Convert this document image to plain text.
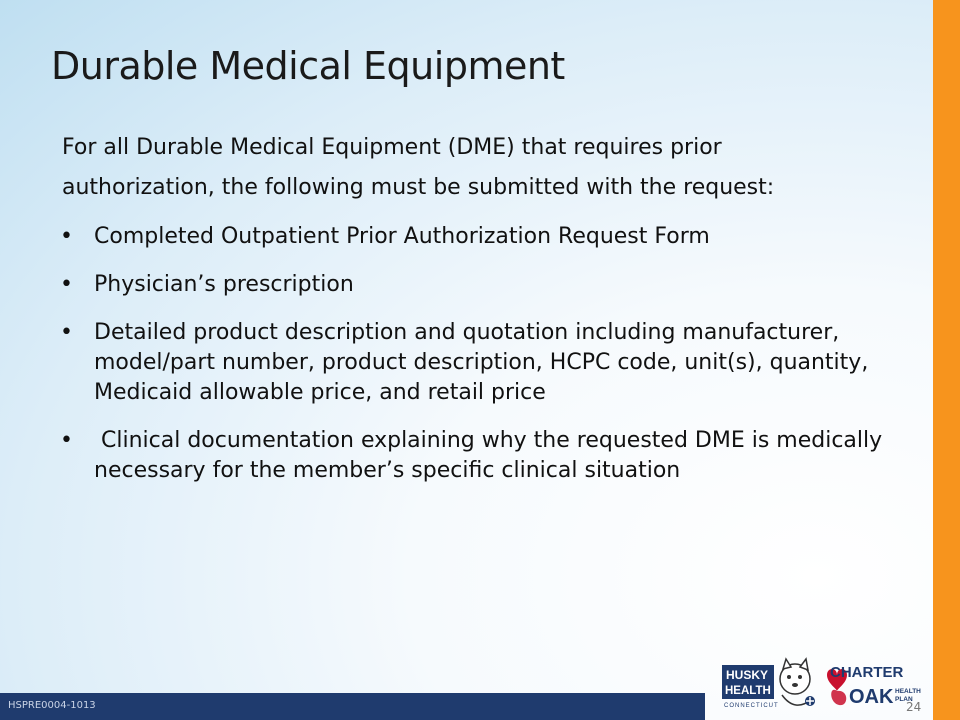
Durable Medical Equipment
For all Durable Medical Equipment (DME) that requires prior
authorization, the following must be submitted with the request:
• Completed Outpatient Prior Authorization Request Form
• Physician’s prescription
• Detailed product description and quotation including manufacturer, model/part number, product description, HCPC code, unit(s), quantity, Medicaid allowable price, and retail price
• Clinical documentation explaining why the requested DME is medically necessary for the member’s specific clinical situation
HSPRE0004-1013	24
HUSKY
HEALTH
CONNECTICUT
CHARTER
OAK HEALTH
PLAN
